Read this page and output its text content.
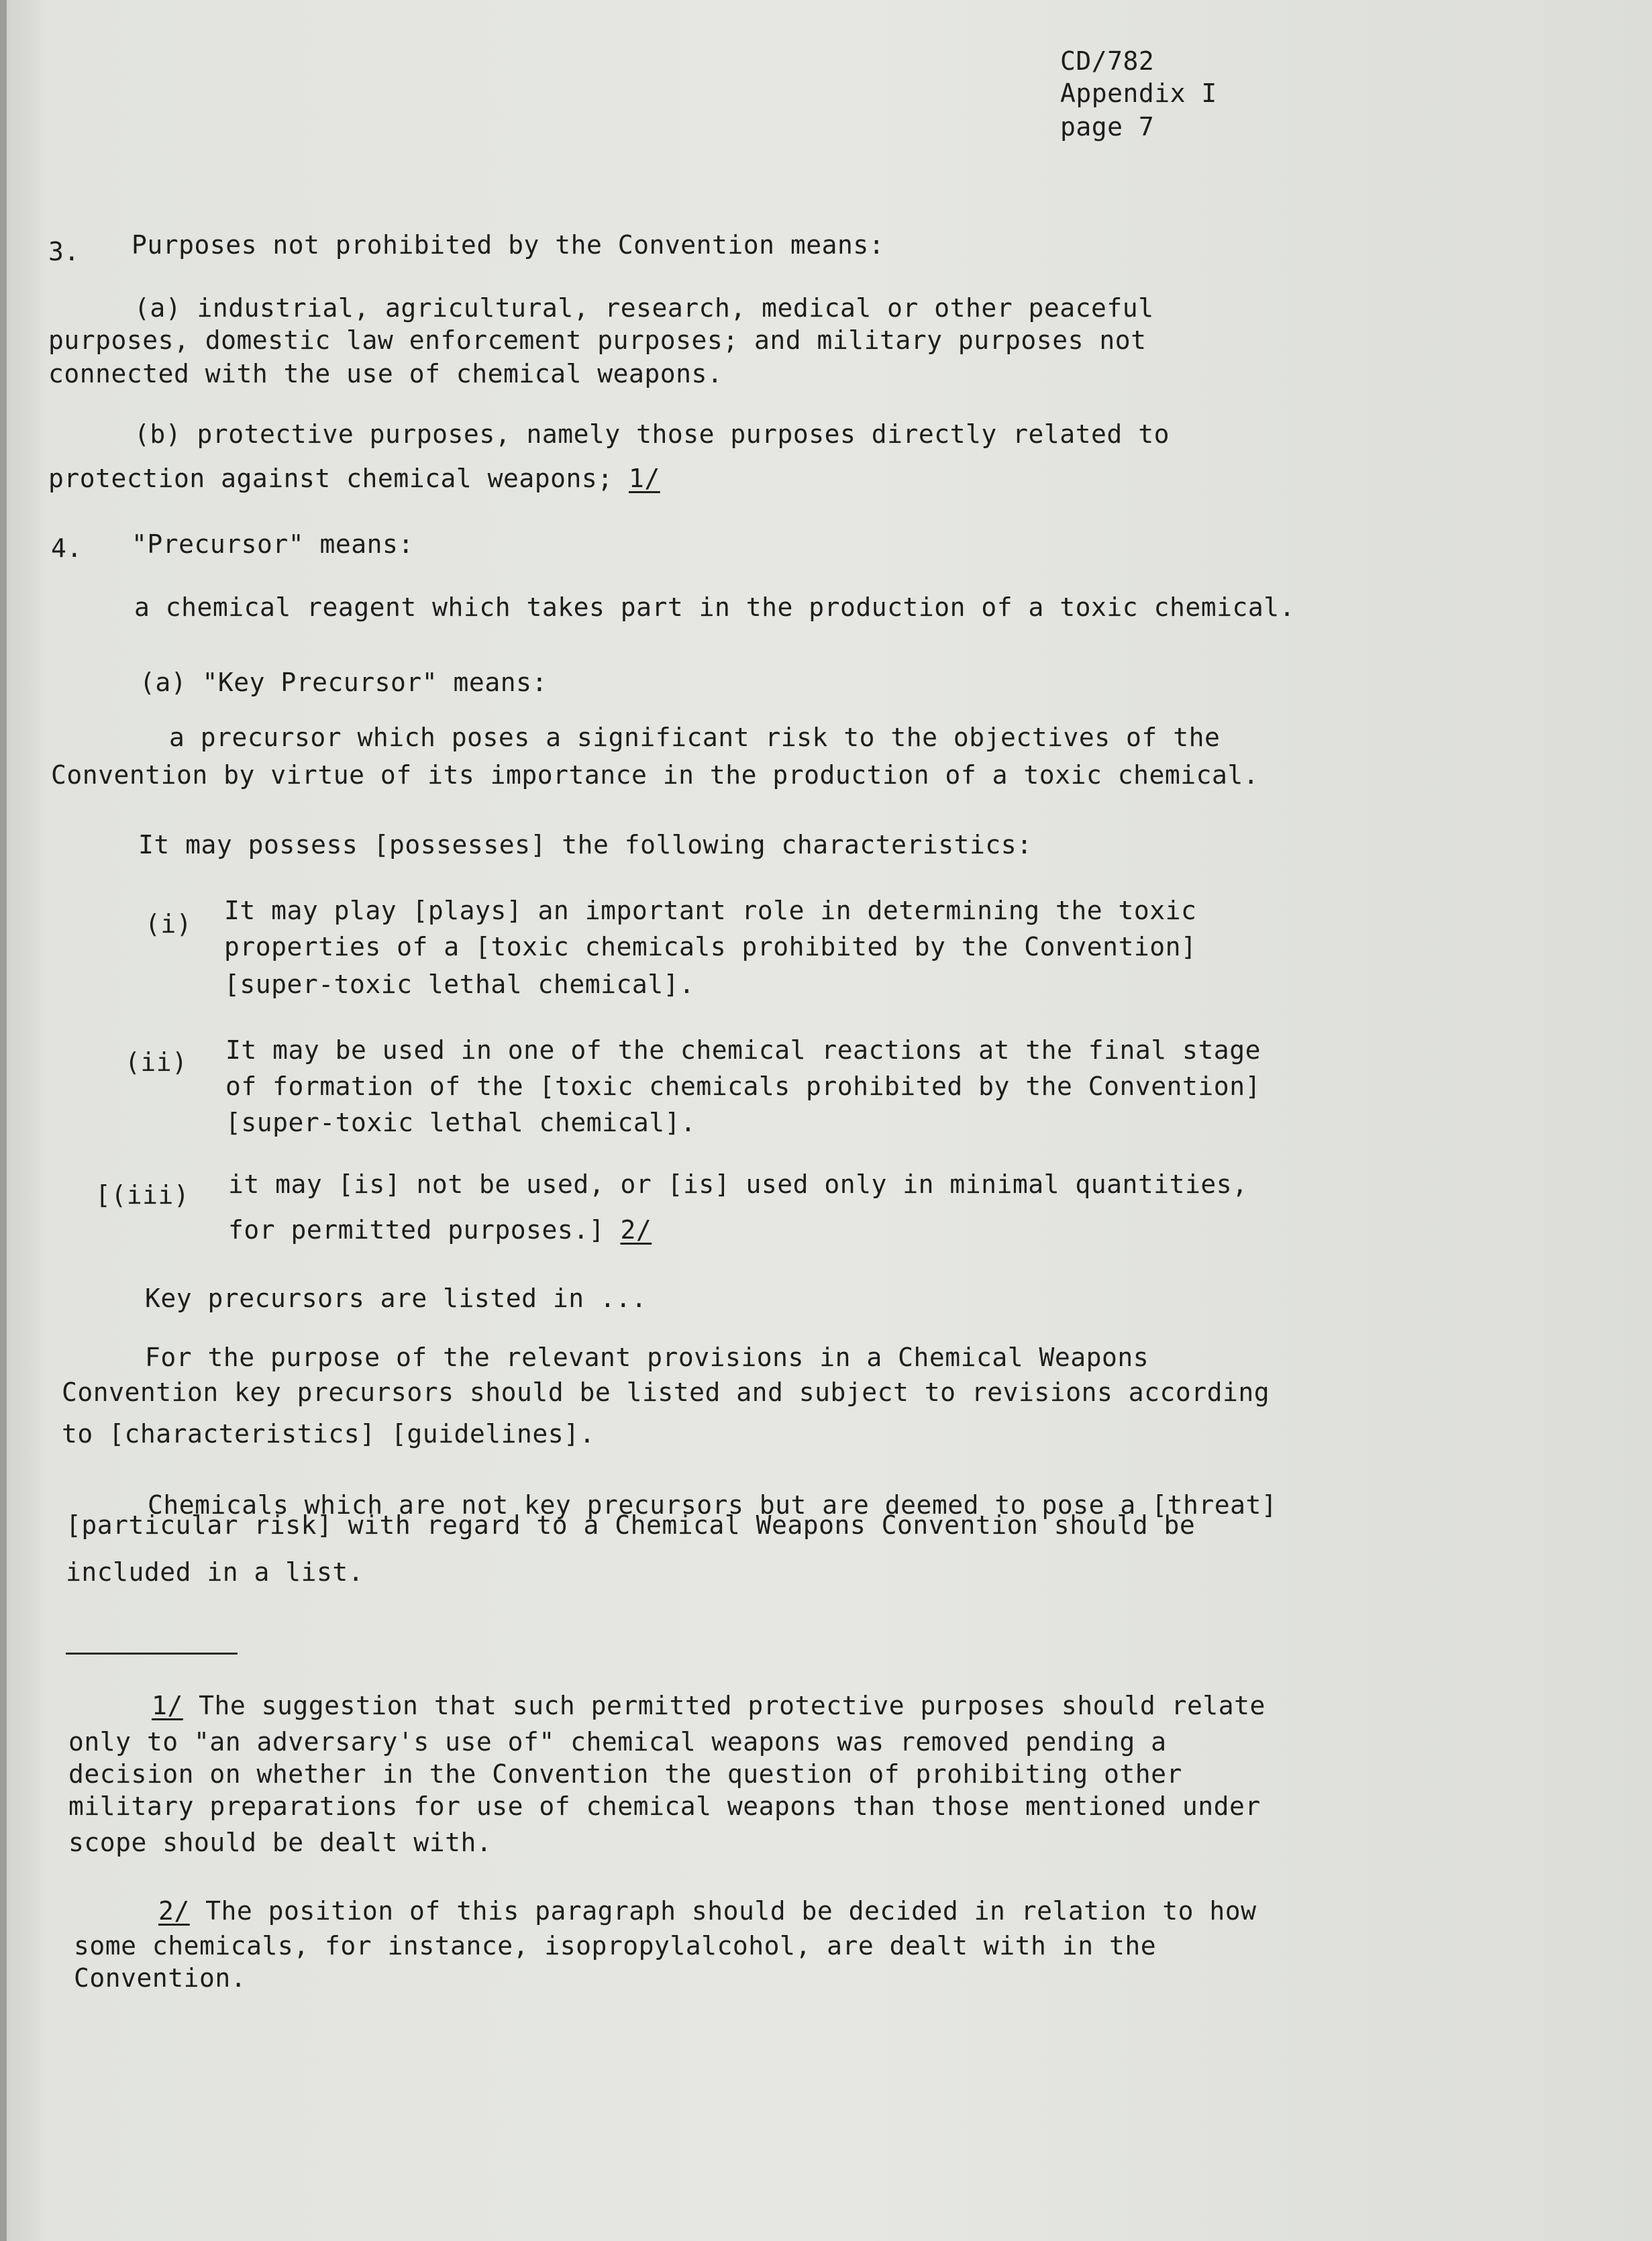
CD/782
Appendix I
page 7
3. Purposes not prohibited by the Convention means:
(a) industrial, agricultural, research, medical or other peaceful
purposes, domestic law enforcement purposes; and military purposes not
connected with the use of chemical weapons.
(b) protective purposes, namely those purposes directly related to
protection against chemical weapons; 1/
4. "Precursor" means:
a chemical reagent which takes part in the production of a toxic chemical.
(a) "Key Precursor" means:
a precursor which poses a significant risk to the objectives of the
Convention by virtue of its importance in the production of a toxic chemical.
It may possess [possesses] the following characteristics:
(i) It may play [plays] an important role in determining the toxic
properties of a [toxic chemicals prohibited by the Convention]
[super-toxic lethal chemical].
(ii) It may be used in one of the chemical reactions at the final stage
of formation of the [toxic chemicals prohibited by the Convention]
[super-toxic lethal chemical].
[(iii) it may [is] not be used, or [is] used only in minimal quantities,
for permitted purposes.] 2/
Key precursors are listed in ...
For the purpose of the relevant provisions in a Chemical Weapons
Convention key precursors should be listed and subject to revisions according
to [characteristics] [guidelines].
Chemicals which are not key precursors but are deemed to pose a [threat]
[particular risk] with regard to a Chemical Weapons Convention should be
included in a list.
1/ The suggestion that such permitted protective purposes should relate
only to "an adversary's use of" chemical weapons was removed pending a
decision on whether in the Convention the question of prohibiting other
military preparations for use of chemical weapons than those mentioned under
scope should be dealt with.
2/ The position of this paragraph should be decided in relation to how
some chemicals, for instance, isopropylalcohol, are dealt with in the
Convention.
